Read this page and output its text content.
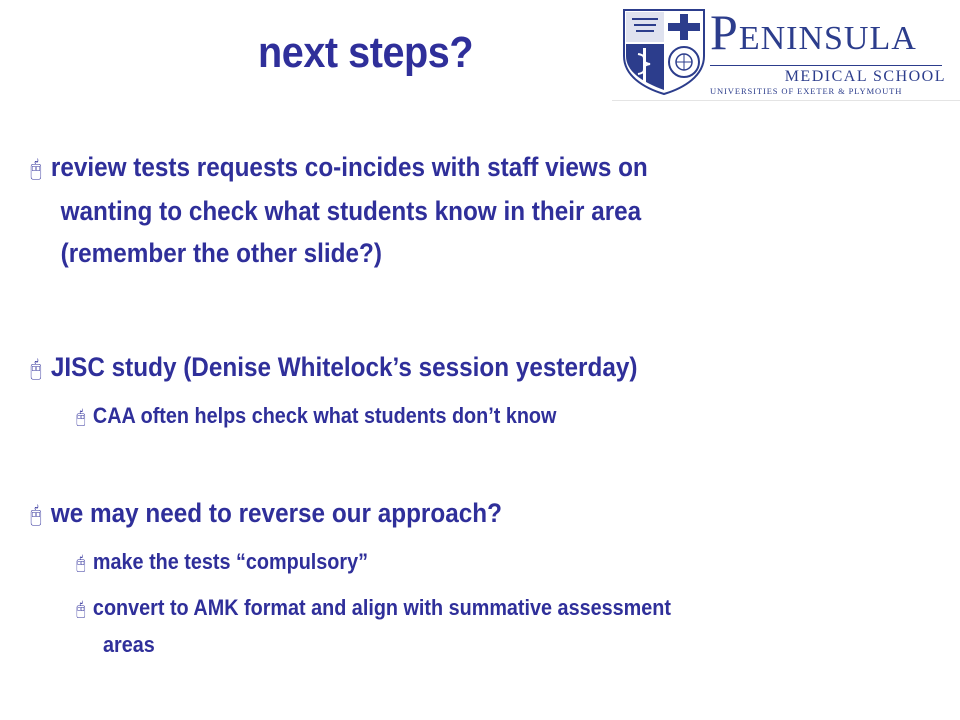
next steps?	PENINSULA
MEDICAL SCHOOL
UNIVERSITIES OF EXETER & PLYMOUTH
🖰 review tests requests co-incides with staff views on
wanting to check what students know in their area
(remember the other slide?)
🖰 JISC study (Denise Whitelock’s session yesterday)
🖰 CAA often helps check what students don’t know
🖰 we may need to reverse our approach?
🖰 make the tests “compulsory”
🖰 convert to AMK format and align with summative assessment
areas
